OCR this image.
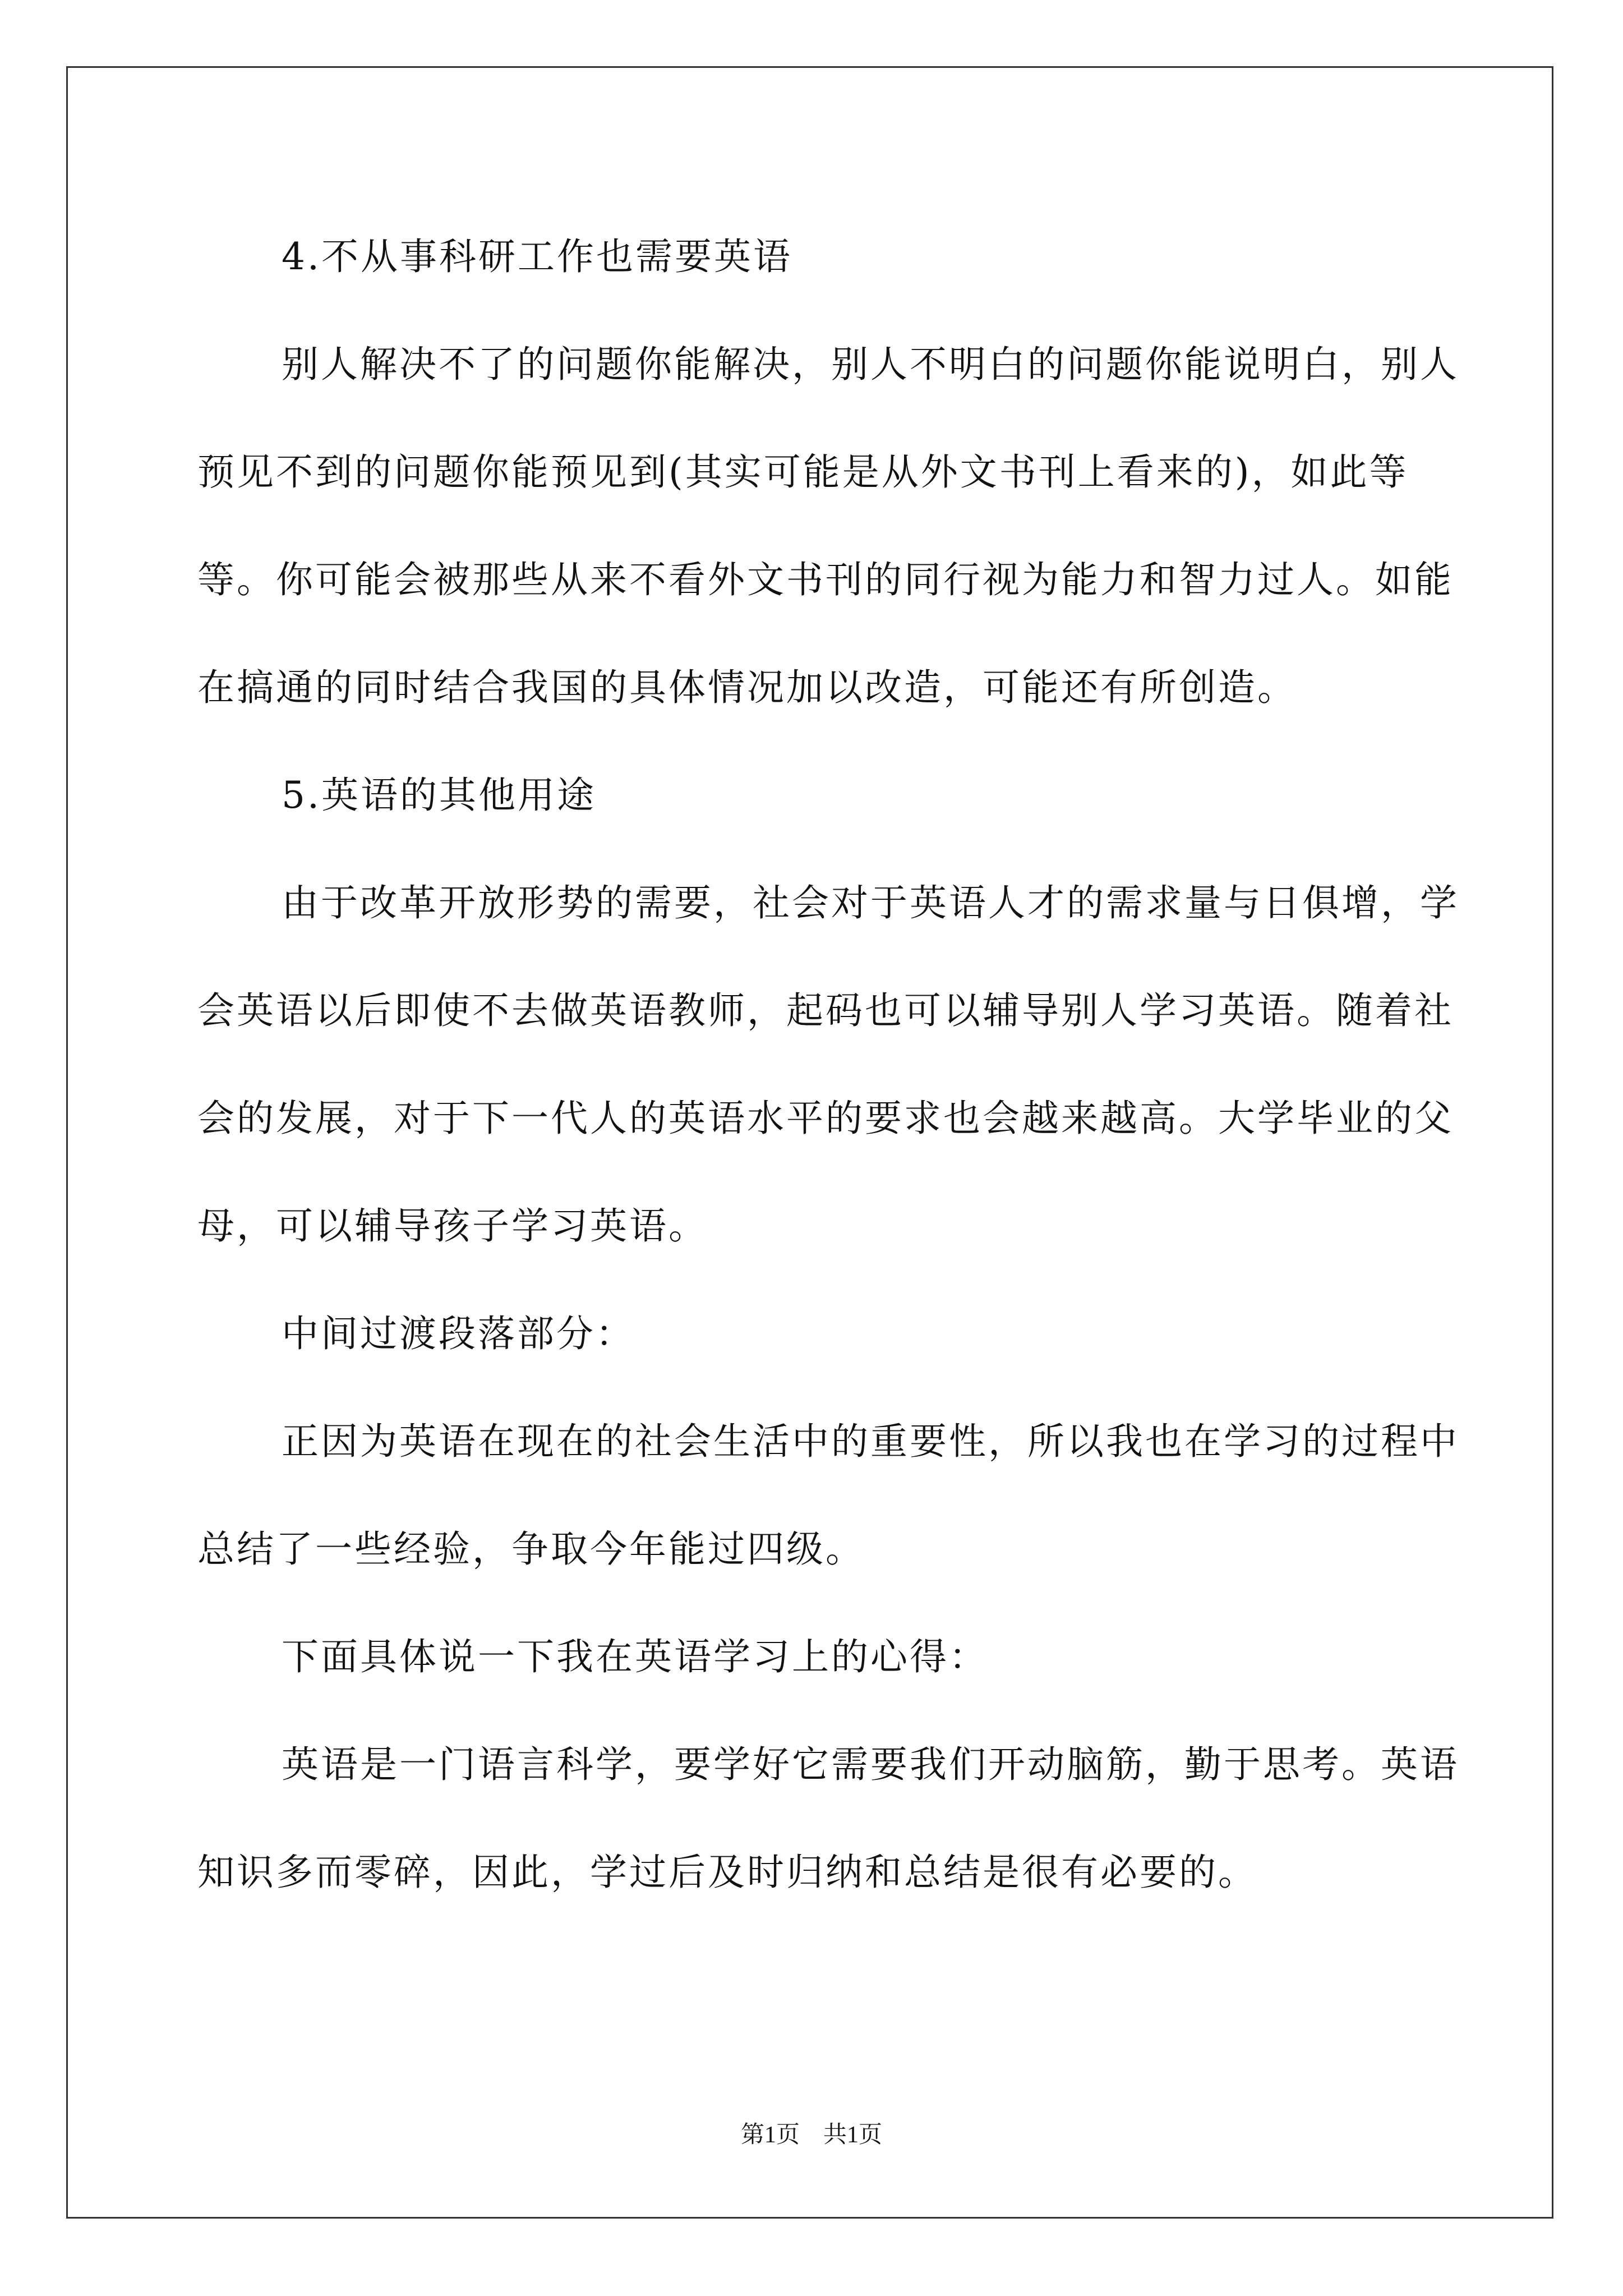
4.不从事科研工作也需要英语

别人解决不了的问题你能解决，别人不明白的问题你能说明白，别人预见不到的问题你能预见到(其实可能是从外文书刊上看来的)，如此等等。你可能会被那些从来不看外文书刊的同行视为能力和智力过人。如能在搞通的同时结合我国的具体情况加以改造，可能还有所创造。

5.英语的其他用途

由于改革开放形势的需要，社会对于英语人才的需求量与日俱增，学会英语以后即使不去做英语教师，起码也可以辅导别人学习英语。随着社会的发展，对于下一代人的英语水平的要求也会越来越高。大学毕业的父母，可以辅导孩子学习英语。

中间过渡段落部分：

正因为英语在现在的社会生活中的重要性，所以我也在学习的过程中总结了一些经验，争取今年能过四级。

下面具体说一下我在英语学习上的心得：

英语是一门语言科学，要学好它需要我们开动脑筋，勤于思考。英语知识多而零碎，因此，学过后及时归纳和总结是很有必要的。

第1页　共1页
